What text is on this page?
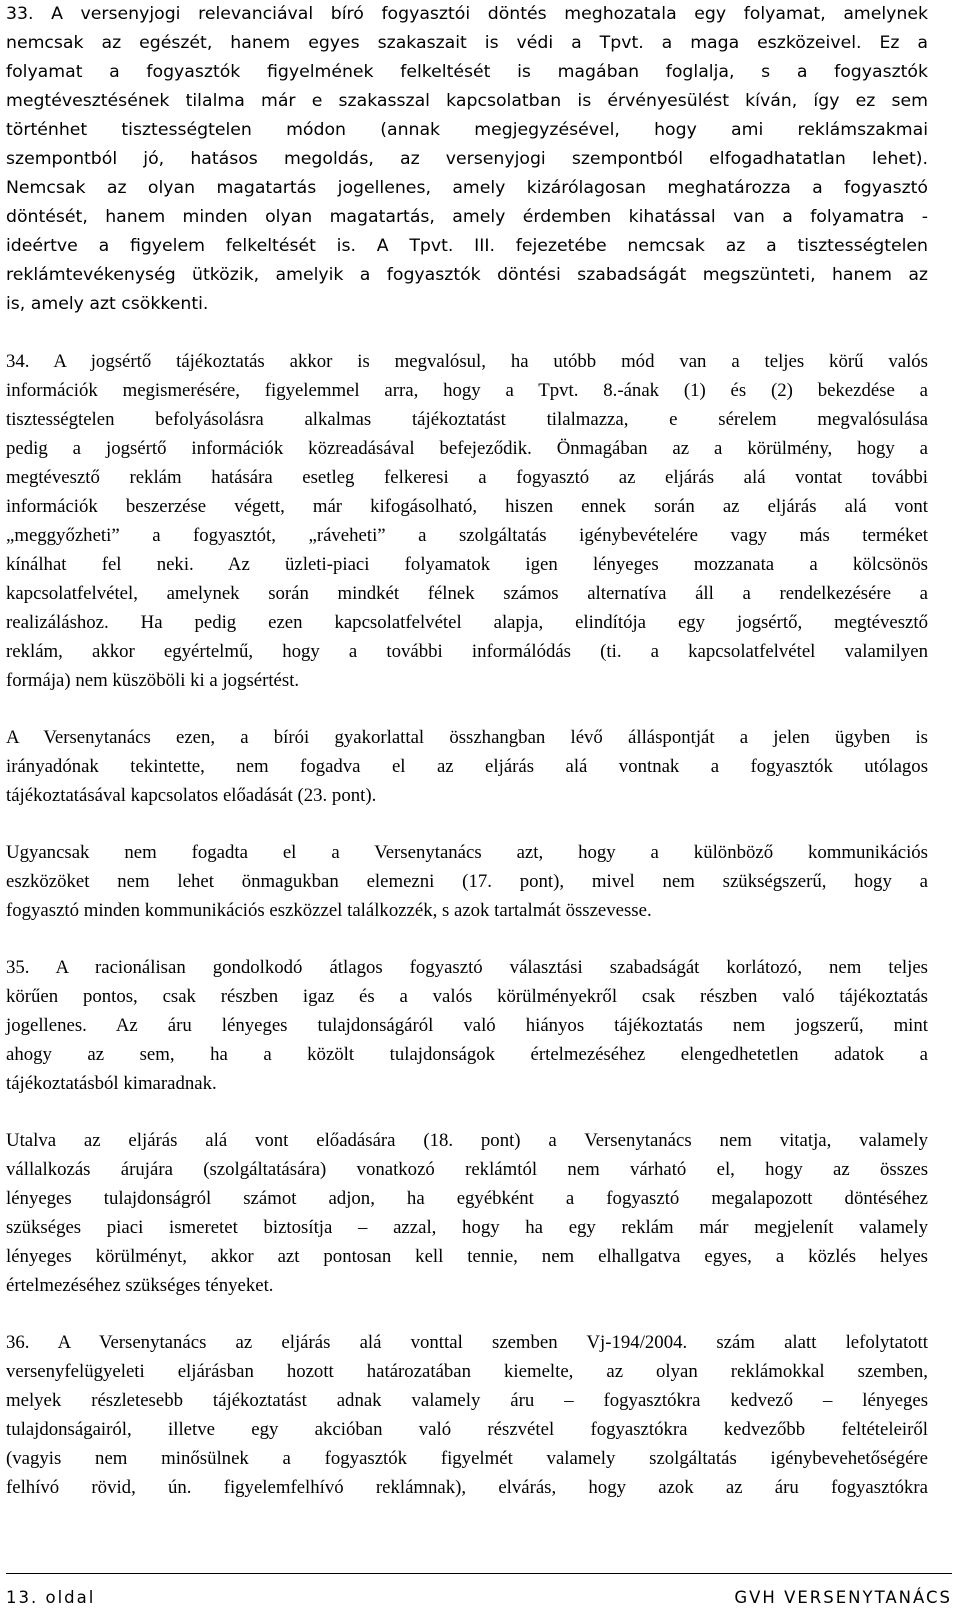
33. A versenyjogi relevanciával bíró fogyasztói döntés meghozatala egy folyamat, amelynek
nemcsak az egészét, hanem egyes szakaszait is védi a Tpvt. a maga eszközeivel. Ez a
folyamat a fogyasztók figyelmének felkeltését is magában foglalja, s a fogyasztók
megtévesztésének tilalma már e szakasszal kapcsolatban is érvényesülést kíván, így ez sem
történhet tisztességtelen módon (annak megjegyzésével, hogy ami reklámszakmai
szempontból jó, hatásos megoldás, az versenyjogi szempontból elfogadhatatlan lehet).
Nemcsak az olyan magatartás jogellenes, amely kizárólagosan meghatározza a fogyasztó
döntését, hanem minden olyan magatartás, amely érdemben kihatással van a folyamatra -
ideértve a figyelem felkeltését is. A Tpvt. III. fejezetébe nemcsak az a tisztességtelen
reklámtevékenység ütközik, amelyik a fogyasztók döntési szabadságát megszünteti, hanem az
is, amely azt csökkenti.
34. A jogsértő tájékoztatás akkor is megvalósul, ha utóbb mód van a teljes körű valós
információk megismerésére, figyelemmel arra, hogy a Tpvt. 8.-ának (1) és (2) bekezdése a
tisztességtelen befolyásolásra alkalmas tájékoztatást tilalmazza, e sérelem megvalósulása
pedig a jogsértő információk közreadásával befejeződik. Önmagában az a körülmény, hogy a
megtévesztő reklám hatására esetleg felkeresi a fogyasztó az eljárás alá vontat további
információk beszerzése végett, már kifogásolható, hiszen ennek során az eljárás alá vont
„meggyőzheti” a fogyasztót, „ráveheti” a szolgáltatás igénybevételére vagy más terméket
kínálhat fel neki. Az üzleti-piaci folyamatok igen lényeges mozzanata a kölcsönös
kapcsolatfelvétel, amelynek során mindkét félnek számos alternatíva áll a rendelkezésére a
realizáláshoz. Ha pedig ezen kapcsolatfelvétel alapja, elindítója egy jogsértő, megtévesztő
reklám, akkor egyértelmű, hogy a további informálódás (ti. a kapcsolatfelvétel valamilyen
formája) nem küszöböli ki a jogsértést.
A Versenytanács ezen, a bírói gyakorlattal összhangban lévő álláspontját a jelen ügyben is
irányadónak tekintette, nem fogadva el az eljárás alá vontnak a fogyasztók utólagos
tájékoztatásával kapcsolatos előadását (23. pont).
Ugyancsak nem fogadta el a Versenytanács azt, hogy a különböző kommunikációs
eszközöket nem lehet önmagukban elemezni (17. pont), mivel nem szükségszerű, hogy a
fogyasztó minden kommunikációs eszközzel találkozzék, s azok tartalmát összevesse.
35. A racionálisan gondolkodó átlagos fogyasztó választási szabadságát korlátozó, nem teljes
körűen pontos, csak részben igaz és a valós körülményekről csak részben való tájékoztatás
jogellenes. Az áru lényeges tulajdonságáról való hiányos tájékoztatás nem jogszerű, mint
ahogy az sem, ha a közölt tulajdonságok értelmezéséhez elengedhetetlen adatok a
tájékoztatásból kimaradnak.
Utalva az eljárás alá vont előadására (18. pont) a Versenytanács nem vitatja, valamely
vállalkozás árujára (szolgáltatására) vonatkozó reklámtól nem várható el, hogy az összes
lényeges tulajdonságról számot adjon, ha egyébként a fogyasztó megalapozott döntéséhez
szükséges piaci ismeretet biztosítja – azzal, hogy ha egy reklám már megjelenít valamely
lényeges körülményt, akkor azt pontosan kell tennie, nem elhallgatva egyes, a közlés helyes
értelmezéséhez szükséges tényeket.
36. A Versenytanács az eljárás alá vonttal szemben Vj-194/2004. szám alatt lefolytatott
versenyfelügyeleti eljárásban hozott határozatában kiemelte, az olyan reklámokkal szemben,
melyek részletesebb tájékoztatást adnak valamely áru – fogyasztókra kedvező – lényeges
tulajdonságairól, illetve egy akcióban való részvétel fogyasztókra kedvezőbb feltételeiről
(vagyis nem minősülnek a fogyasztók figyelmét valamely szolgáltatás igénybevehetőségére
felhívó rövid, ún. figyelemfelhívó reklámnak), elvárás, hogy azok az áru fogyasztókra
13. oldal	GVH VERSENYTANÁCS
